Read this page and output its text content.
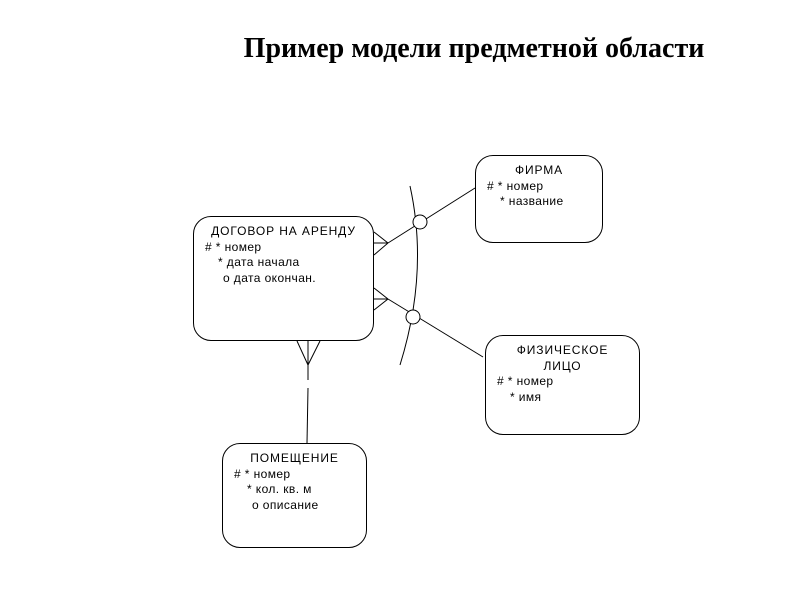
Пример модели предметной области
ДОГОВОР НА АРЕНДУ
# * номер
* дата начала
о дата окончан.
ФИРМА
# * номер
* название
ФИЗИЧЕСКОЕ ЛИЦО
# * номер
* имя
ПОМЕЩЕНИЕ
# * номер
* кол. кв. м
о описание
